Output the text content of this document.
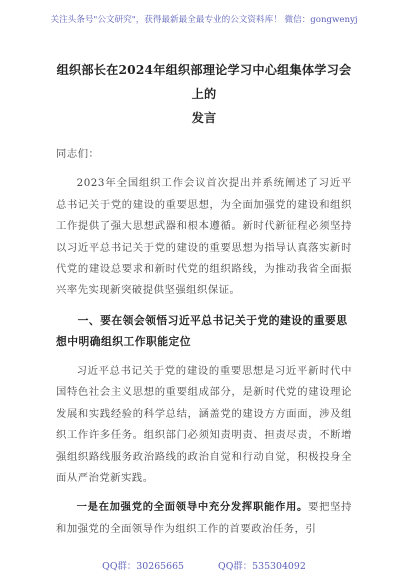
关注头条号"公文研究"，获得最新最全最专业的公文资料库！ 微信：gongwenyj
组织部长在2024年组织部理论学习中心组集体学习会上的
发言

同志们：

2023年全国组织工作会议首次提出并系统阐述了习近平总书记关于党的建设的重要思想，为全面加强党的建设和组织工作提供了强大思想武器和根本遵循。新时代新征程必须坚持以习近平总书记关于党的建设的重要思想为指导认真落实新时代党的建设总要求和新时代党的组织路线，为推动我省全面振兴率先实现新突破提供坚强组织保证。

一、要在领会领悟习近平总书记关于党的建设的重要思想中明确组织工作职能定位

习近平总书记关于党的建设的重要思想是习近平新时代中国特色社会主义思想的重要组成部分，是新时代党的建设理论发展和实践经验的科学总结，涵盖党的建设方方面面，涉及组织工作许多任务。组织部门必须知责明责、担责尽责，不断增强组织路线服务政治路线的政治自觉和行动自觉，积极投身全面从严治党新实践。

一是在加强党的全面领导中充分发挥职能作用。要把坚持和加强党的全面领导作为组织工作的首要政治任务，引

QQ群：30265665	QQ群：535304092
